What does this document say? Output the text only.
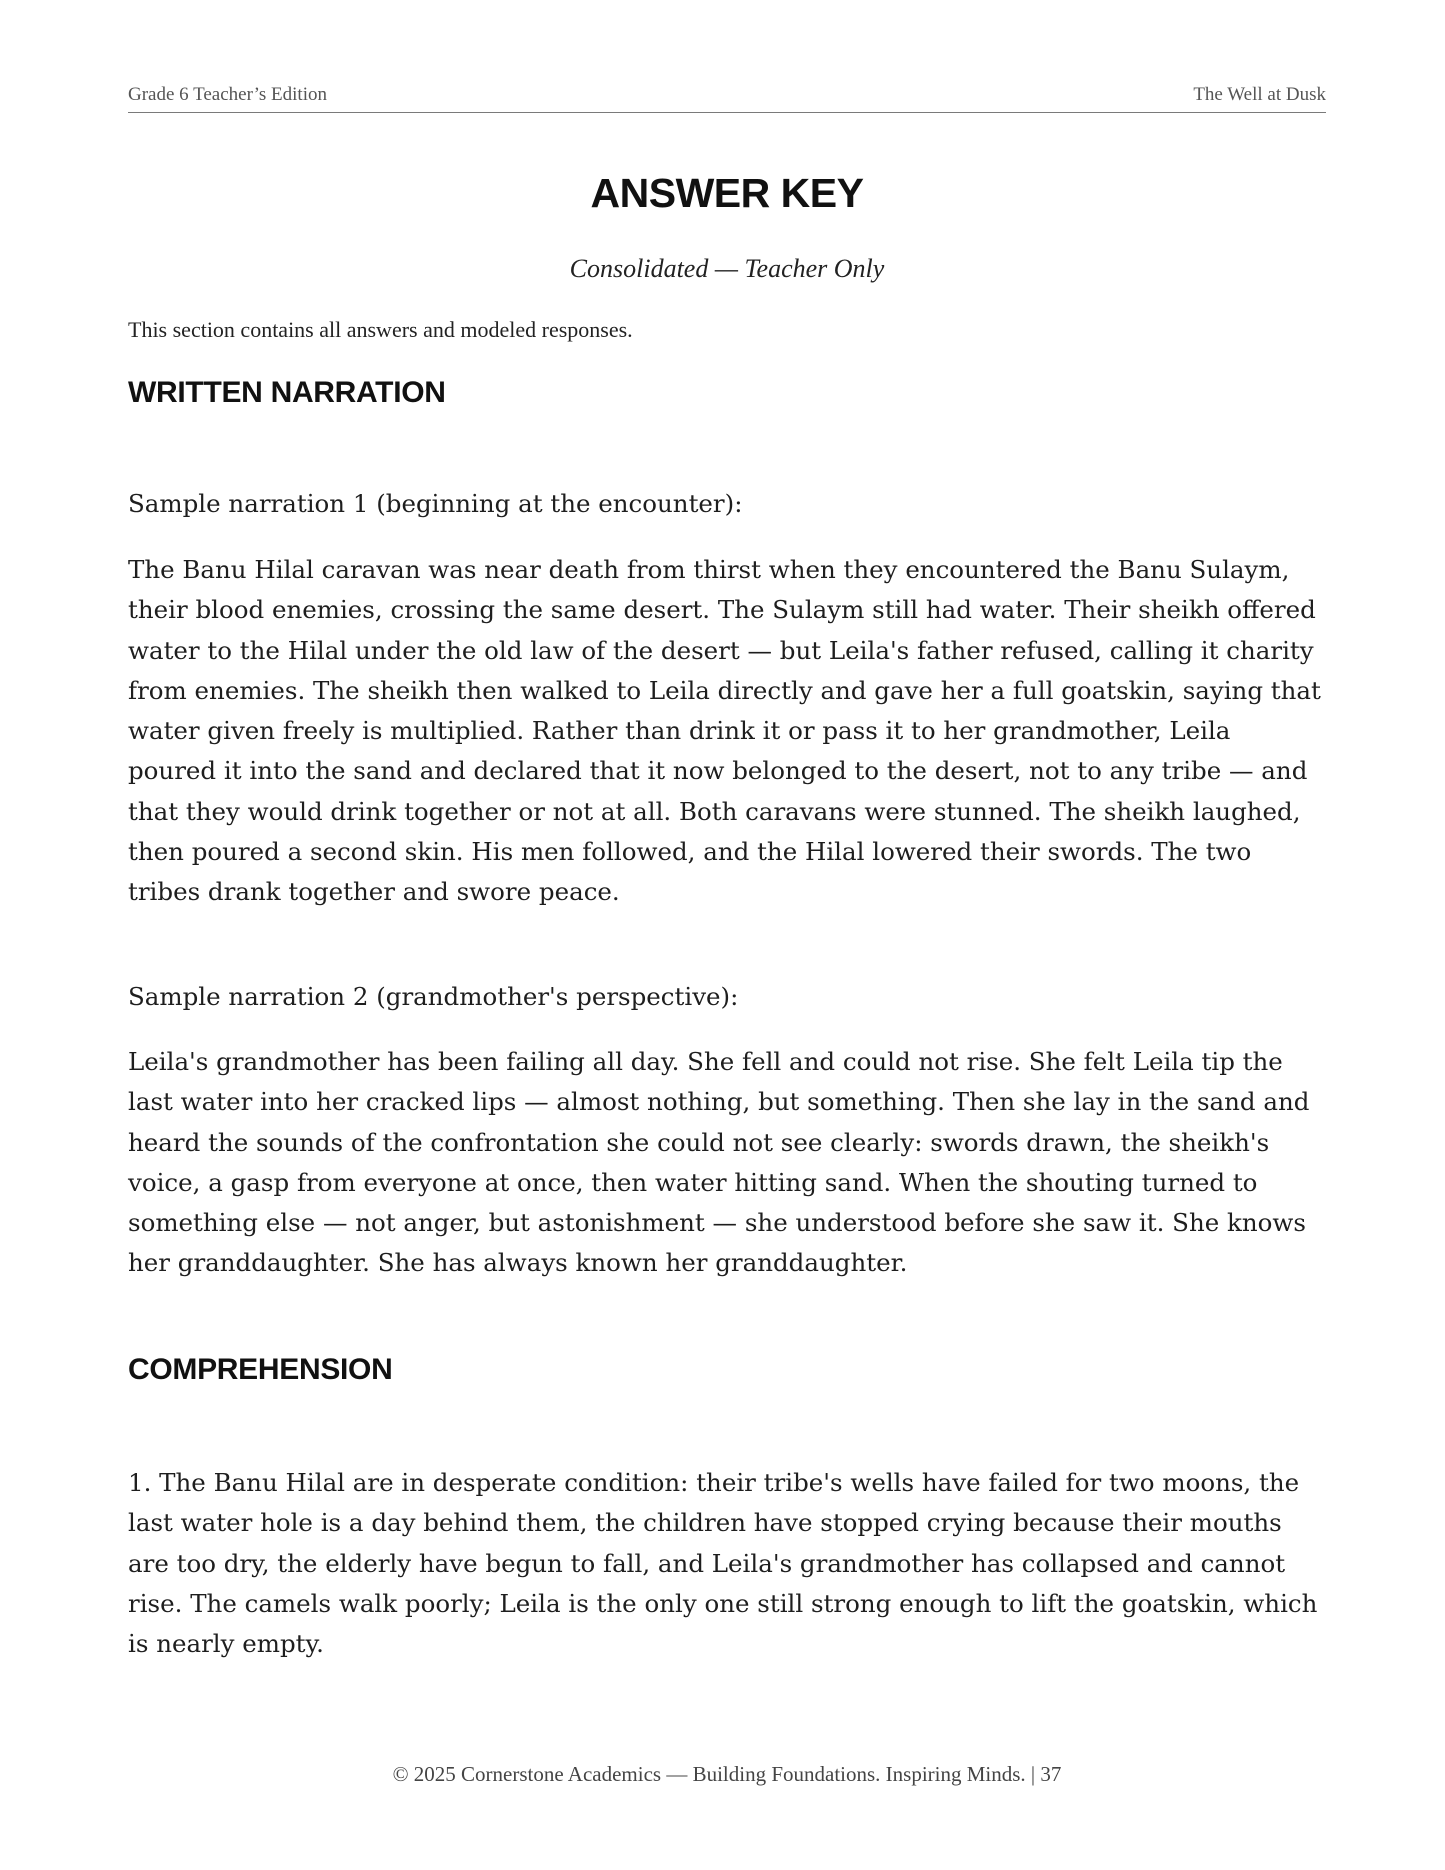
Grade 6 Teacher’s Edition	The Well at Dusk
ANSWER KEY
Consolidated — Teacher Only
This section contains all answers and modeled responses.
WRITTEN NARRATION

Sample narration 1 (beginning at the encounter):

The Banu Hilal caravan was near death from thirst when they encountered the Banu Sulaym, their blood enemies, crossing the same desert. The Sulaym still had water. Their sheikh offered water to the Hilal under the old law of the desert — but Leila's father refused, calling it charity from enemies. The sheikh then walked to Leila directly and gave her a full goatskin, saying that water given freely is multiplied. Rather than drink it or pass it to her grandmother, Leila poured it into the sand and declared that it now belonged to the desert, not to any tribe — and that they would drink together or not at all. Both caravans were stunned. The sheikh laughed, then poured a second skin. His men followed, and the Hilal lowered their swords. The two tribes drank together and swore peace.

Sample narration 2 (grandmother's perspective):

Leila's grandmother has been failing all day. She fell and could not rise. She felt Leila tip the last water into her cracked lips — almost nothing, but something. Then she lay in the sand and heard the sounds of the confrontation she could not see clearly: swords drawn, the sheikh's voice, a gasp from everyone at once, then water hitting sand. When the shouting turned to something else — not anger, but astonishment — she understood before she saw it. She knows her granddaughter. She has always known her granddaughter.

COMPREHENSION

1. The Banu Hilal are in desperate condition: their tribe's wells have failed for two moons, the last water hole is a day behind them, the children have stopped crying because their mouths are too dry, the elderly have begun to fall, and Leila's grandmother has collapsed and cannot rise. The camels walk poorly; Leila is the only one still strong enough to lift the goatskin, which is nearly empty.

© 2025 Cornerstone Academics — Building Foundations. Inspiring Minds. | 37
